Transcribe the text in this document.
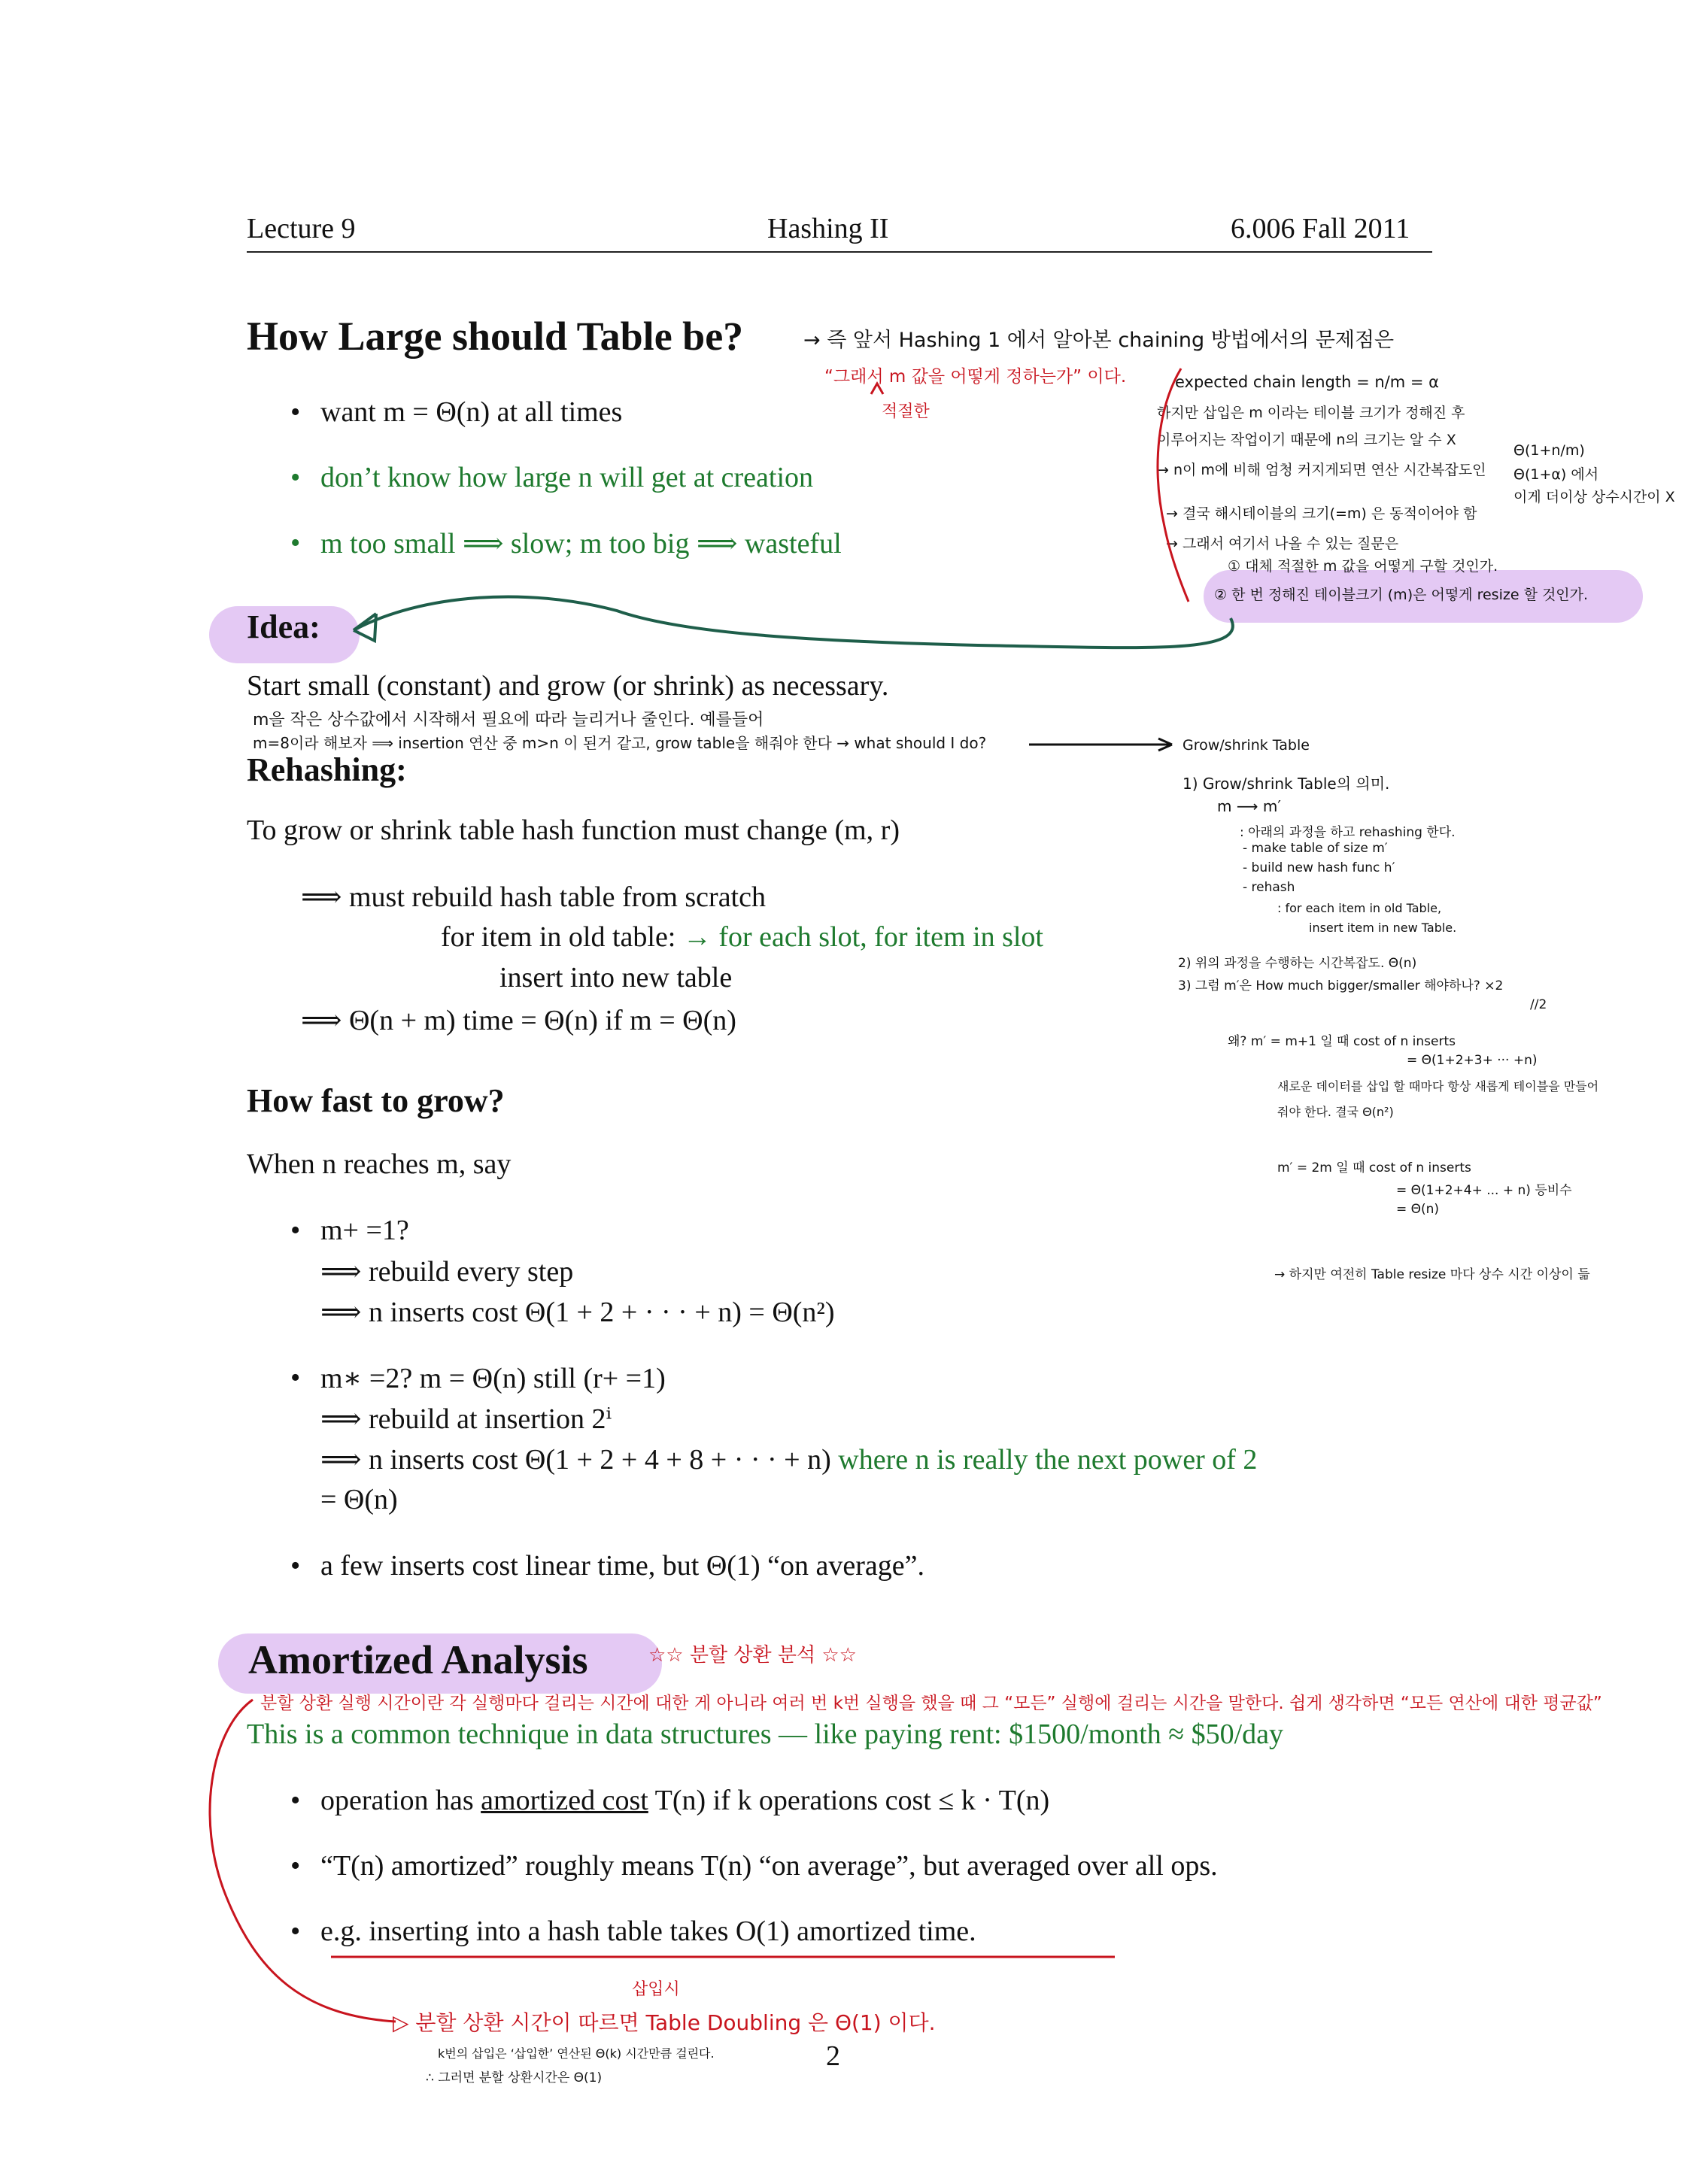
Lecture 9	Hashing II	6.006 Fall 2011
How Large should Table be?
• want m = Θ(n) at all times
• don’t know how large n will get at creation
• m too small ⟹ slow; m too big ⟹ wasteful
Idea:
Start small (constant) and grow (or shrink) as necessary.
m을 작은 상수값에서 시작해서 필요에 따라 늘리거나 줄인다. 예를들어
m=8이라 해보자 ⟹ insertion 연산 중 m>n 이 된거 같고, grow table을 해줘야 한다 → what should I do?
Rehashing:
To grow or shrink table hash function must change (m, r)
⟹ must rebuild hash table from scratch
for item in old table: → for each slot, for item in slot
insert into new table
⟹ Θ(n + m) time = Θ(n) if m = Θ(n)
How fast to grow?
When n reaches m, say
• m+ =1?
⟹ rebuild every step
⟹ n inserts cost Θ(1 + 2 + · · · + n) = Θ(n²)
• m∗ =2? m = Θ(n) still (r+ =1)
⟹ rebuild at insertion 2ⁱ
⟹ n inserts cost Θ(1 + 2 + 4 + 8 + · · · + n) where n is really the next power of 2
= Θ(n)
• a few inserts cost linear time, but Θ(1) “on average”.
Amortized Analysis	☆☆ 분할 상환 분석 ☆☆
분할 상환 실행 시간이란 각 실행마다 걸리는 시간에 대한 게 아니라 여러 번 k번 실행을 했을 때 그 “모든” 실행에 걸리는 시간을 말한다. 쉽게 생각하면 “모든 연산에 대한 평균값”
This is a common technique in data structures — like paying rent: $1500/month ≈ $50/day
• operation has amortized cost T(n) if k operations cost ≤ k · T(n)
• “T(n) amortized” roughly means T(n) “on average”, but averaged over all ops.
• e.g. inserting into a hash table takes O(1) amortized time.
→ 즉 앞서 Hashing 1 에서 알아본 chaining 방법에서의 문제점은
“그래서 m 값을 어떻게 정하는가” 이다.
적절한
expected chain length = n/m = α
하지만 삽입은 m 이라는 테이블 크기가 정해진 후
이루어지는 작업이기 때문에 n의 크기는 알 수 X
→ n이 m에 비해 엄청 커지게되면 연산 시간복잡도인
→ 결국 해시테이블의 크기(=m) 은 동적이어야 함
→ 그래서 여기서 나올 수 있는 질문은
① 대체 적절한 m 값을 어떻게 구할 것인가.
② 한 번 정해진 테이블크기 (m)은 어떻게 resize 할 것인가.
Θ(1+n/m)
Θ(1+α) 에서
이게 더이상 상수시간이 X
Grow/shrink Table
1) Grow/shrink Table의 의미.
m ⟶ m′
: 아래의 과정을 하고 rehashing 한다.
- make table of size m′
- build new hash func h′
- rehash
: for each item in old Table,
insert item in new Table.
2) 위의 과정을 수행하는 시간복잡도. Θ(n)
3) 그럼 m′은 How much bigger/smaller 해야하나? ×2
//2
왜? m′ = m+1 일 때 cost of n inserts
= Θ(1+2+3+ ··· +n)
새로운 데이터를 삽입 할 때마다 항상 새롭게 테이블을 만들어
줘야 한다. 결국 Θ(n²)
m′ = 2m 일 때 cost of n inserts
= Θ(1+2+4+ ... + n) 등비수
= Θ(n)
→ 하지만 여전히 Table resize 마다 상수 시간 이상이 듦
삽입시
▷ 분할 상환 시간이 따르면 Table Doubling 은 Θ(1) 이다.
k번의 삽입은 ‘삽입한’ 연산된 Θ(k) 시간만큼 걸린다.
∴ 그러면 분할 상환시간은 Θ(1)
2
